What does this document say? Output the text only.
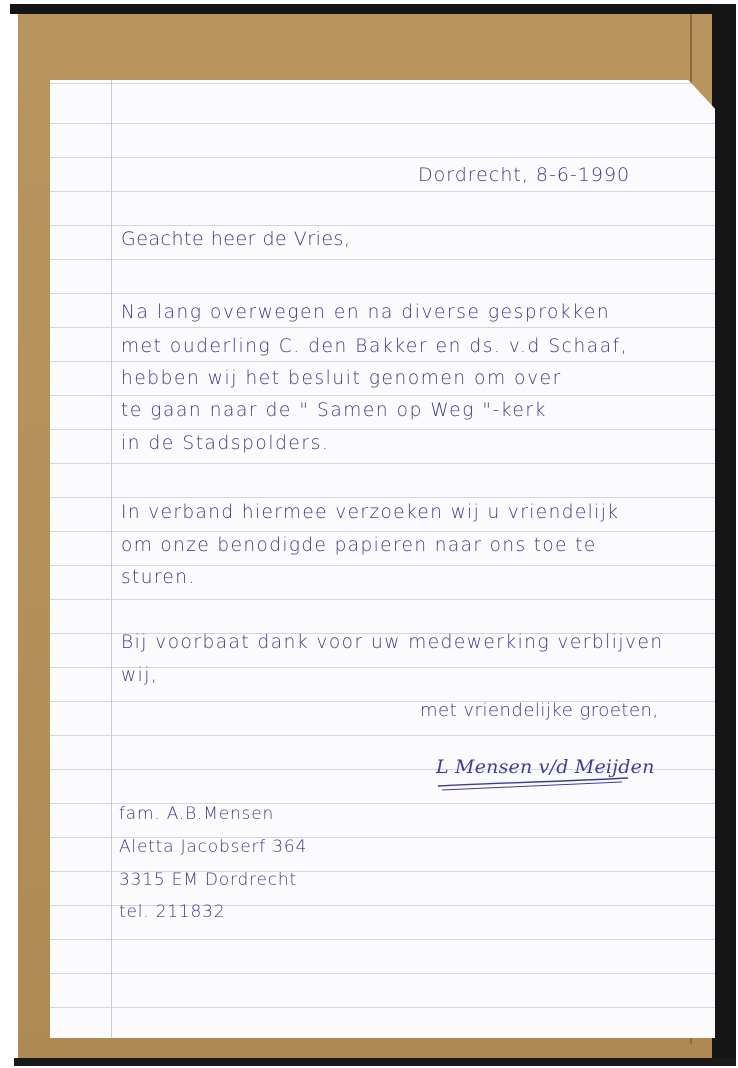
Dordrecht, 8-6-1990

Geachte heer de Vries,

Na lang overwegen en na diverse gesprokken

met ouderling C. den Bakker en ds. v.d Schaaf,

hebben wij het besluit genomen om over

te gaan naar de " Samen op Weg "-kerk

in de Stadspolders.

In verband hiermee verzoeken wij u vriendelijk

om onze benodigde papieren naar ons toe te

sturen.

Bij voorbaat dank voor uw medewerking verblijven

wij,

met vriendelijke groeten,

L Mensen v/d Meijden

fam. A.B.Mensen

Aletta Jacobserf 364

3315 EM Dordrecht

tel. 211832
